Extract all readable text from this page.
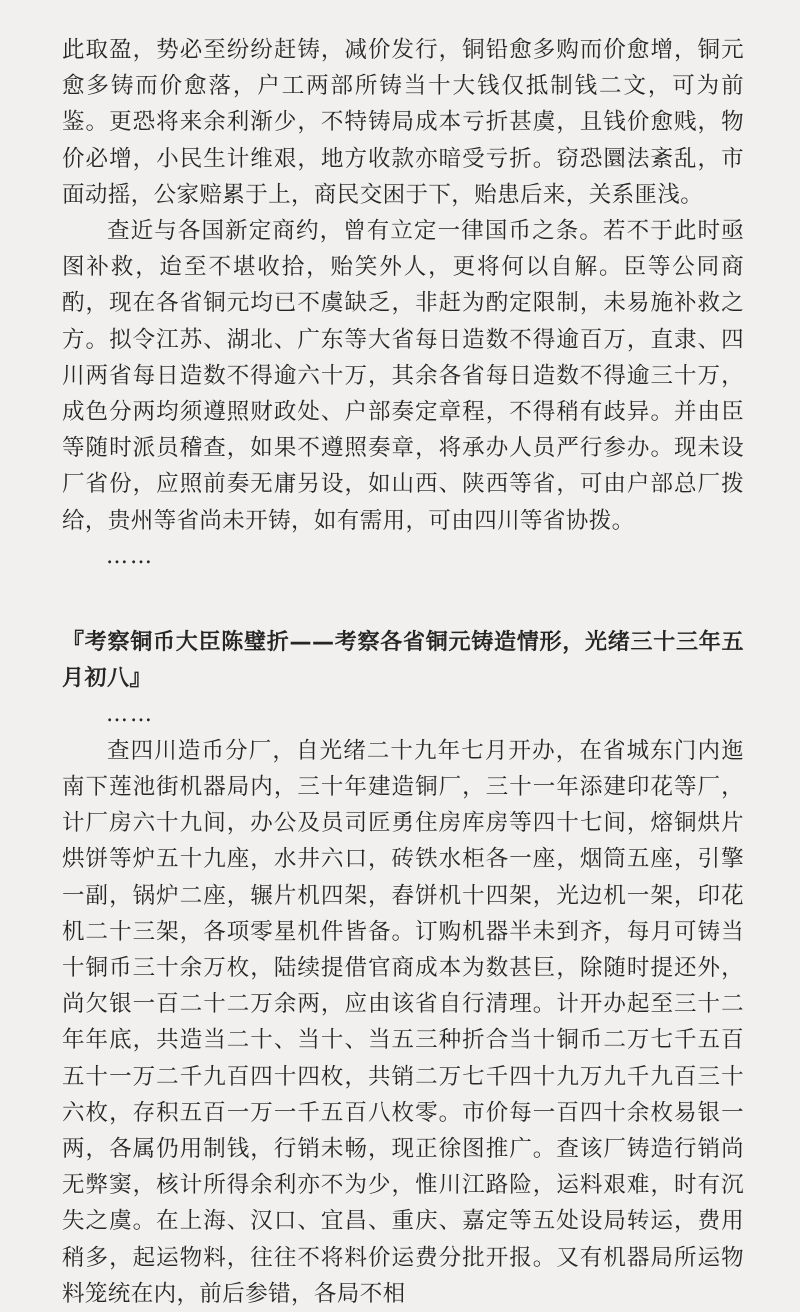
此取盈，势必至纷纷赶铸，减价发行，铜铅愈多购而价愈增，铜元愈多铸而价愈落，户工两部所铸当十大钱仅抵制钱二文，可为前鉴。更恐将来余利渐少，不特铸局成本亏折甚虞，且钱价愈贱，物价必增，小民生计维艰，地方收款亦暗受亏折。窃恐圜法紊乱，市面动摇，公家赔累于上，商民交困于下，贻患后来，关系匪浅。

查近与各国新定商约，曾有立定一律国币之条。若不于此时亟图补救，迨至不堪收拾，贻笑外人，更将何以自解。臣等公同商酌，现在各省铜元均已不虞缺乏，非赶为酌定限制，未易施补救之方。拟令江苏、湖北、广东等大省每日造数不得逾百万，直隶、四川两省每日造数不得逾六十万，其余各省每日造数不得逾三十万，成色分两均须遵照财政处、户部奏定章程，不得稍有歧异。并由臣等随时派员稽查，如果不遵照奏章，将承办人员严行参办。现未设厂省份，应照前奏无庸另设，如山西、陕西等省，可由户部总厂拨给，贵州等省尚未开铸，如有需用，可由四川等省协拨。

……

『考察铜币大臣陈璧折——考察各省铜元铸造情形，光绪三十三年五月初八』

……

查四川造币分厂，自光绪二十九年七月开办，在省城东门内迤南下莲池街机器局内，三十年建造铜厂，三十一年添建印花等厂，计厂房六十九间，办公及员司匠勇住房库房等四十七间，熔铜烘片烘饼等炉五十九座，水井六口，砖铁水柜各一座，烟筒五座，引擎一副，锅炉二座，辗片机四架，舂饼机十四架，光边机一架，印花机二十三架，各项零星机件皆备。订购机器半未到齐，每月可铸当十铜币三十余万枚，陆续提借官商成本为数甚巨，除随时提还外，尚欠银一百二十二万余两，应由该省自行清理。计开办起至三十二年年底，共造当二十、当十、当五三种折合当十铜币二万七千五百五十一万二千九百四十四枚，共销二万七千四十九万九千九百三十六枚，存积五百一万一千五百八枚零。市价每一百四十余枚易银一两，各属仍用制钱，行销未畅，现正徐图推广。查该厂铸造行销尚无弊窦，核计所得余利亦不为少，惟川江路险，运料艰难，时有沉失之虞。在上海、汉口、宜昌、重庆、嘉定等五处设局转运，费用稍多，起运物料，往往不将料价运费分批开报。又有机器局所运物料笼统在内，前后参错，各局不相
